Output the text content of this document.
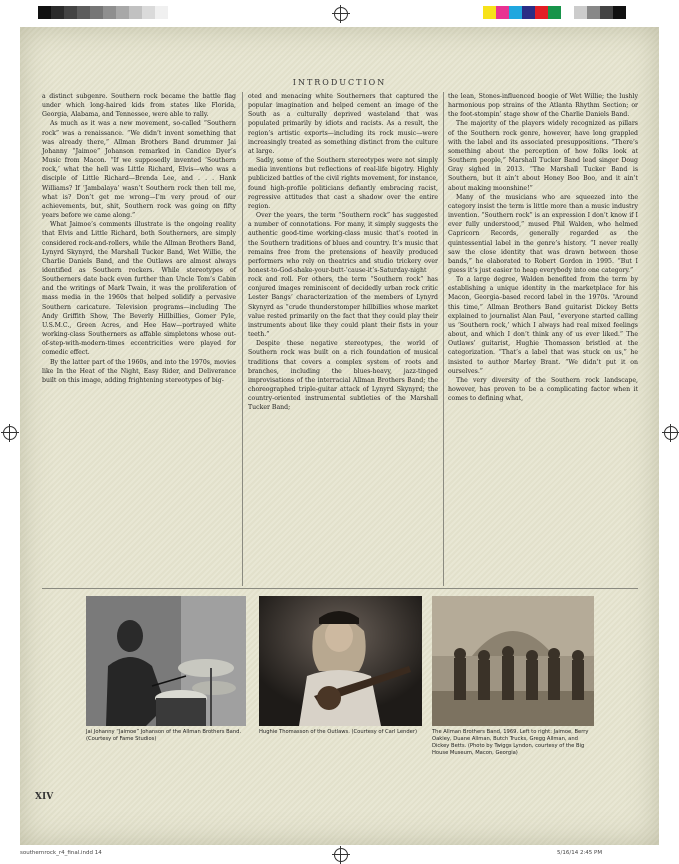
INTRODUCTION

a distinct subgenre. Southern rock became the battle flag under which long-haired kids from states like Florida, Georgia, Alabama, and Tennessee, were able to rally.

As much as it was a new movement, so-called “Southern rock” was a renaissance. “We didn’t invent something that was already there,” Allman Brothers Band drummer Jai Johanny “Jaimoe” Johanson remarked in Candice Dyer’s Music from Macon. “If we supposedly invented ‘Southern rock,’ what the hell was Little Richard, Elvis—who was a disciple of Little Richard—Brenda Lee, and . . . Hank Williams? If ‘Jambalaya’ wasn’t Southern rock then tell me, what is? Don’t get me wrong—I’m very proud of our achievements, but, shit, Southern rock was going on fifty years before we came along.”

What Jaimoe’s comments illustrate is the ongoing reality that Elvis and Little Richard, both Southerners, are simply considered rock-and-rollers, while the Allman Brothers Band, Lynyrd Skynyrd, the Marshall Tucker Band, Wet Willie, the Charlie Daniels Band, and the Outlaws are almost always identified as Southern rockers. While stereotypes of Southerners date back even further than Uncle Tom’s Cabin and the writings of Mark Twain, it was the proliferation of mass media in the 1960s that helped solidify a pervasive Southern caricature. Television programs—including The Andy Griffith Show, The Beverly Hillbillies, Gomer Pyle, U.S.M.C., Green Acres, and Hee Haw—portrayed white working-class Southerners as affable simpletons whose out-of-step-with-modern-times eccentricities were played for comedic effect.

By the latter part of the 1960s, and into the 1970s, movies like In the Heat of the Night, Easy Rider, and Deliverance built on this image, adding frightening stereotypes of big-

oted and menacing white Southerners that captured the popular imagination and helped cement an image of the South as a culturally deprived wasteland that was populated primarily by idiots and racists. As a result, the region’s artistic exports—including its rock music—were increasingly treated as something distinct from the culture at large.

Sadly, some of the Southern stereotypes were not simply media inventions but reflections of real-life bigotry. Highly publicized battles of the civil rights movement, for instance, found high-profile politicians defiantly embracing racist, regressive attitudes that cast a shadow over the entire region.

Over the years, the term “Southern rock” has suggested a number of connotations. For many, it simply suggests the authentic good-time working-class music that’s rooted in the Southern traditions of blues and country. It’s music that remains free from the pretensions of heavily produced performers who rely on theatrics and studio trickery over honest-to-God-shake-your-butt-’cause-it’s-Saturday-night rock and roll. For others, the term “Southern rock” has conjured images reminiscent of decidedly urban rock critic Lester Bangs’ characterization of the members of Lynyrd Skynyrd as “crude thunderstomper hillbillies whose market value rested primarily on the fact that they could play their instruments about like they could plant their fists in your teeth.”

Despite these negative stereotypes, the world of Southern rock was built on a rich foundation of musical traditions that covers a complex system of roots and branches, including the blues-heavy, jazz-tinged improvisations of the interracial Allman Brothers Band; the choreographed triple-guitar attack of Lynyrd Skynyrd; the country-oriented instrumental subtleties of the Marshall Tucker Band;

the lean, Stones-influenced boogie of Wet Willie; the lushly harmonious pop strains of the Atlanta Rhythm Section; or the foot-stompin’ stage show of the Charlie Daniels Band.

The majority of the players widely recognized as pillars of the Southern rock genre, however, have long grappled with the label and its associated presuppositions. “There’s something about the perception of how folks look at Southern people,” Marshall Tucker Band lead singer Doug Gray sighed in 2013. “The Marshall Tucker Band is Southern, but it ain’t about Honey Boo Boo, and it ain’t about making moonshine!”

Many of the musicians who are squeezed into the category insist the term is little more than a music industry invention. “Southern rock” is an expression I don’t know if I ever fully understood,” mused Phil Walden, who helmed Capricorn Records, generally regarded as the quintessential label in the genre’s history. “I never really saw the close identity that was drawn between those bands,” he elaborated to Robert Gordon in 1995. “But I guess it’s just easier to heap everybody into one category.”

To a large degree, Walden benefited from the term by establishing a unique identity in the marketplace for his Macon, Georgia–based record label in the 1970s. “Around this time,” Allman Brothers Band guitarist Dickey Betts explained to journalist Alan Paul, “everyone started calling us ‘Southern rock,’ which I always had real mixed feelings about, and which I don’t think any of us ever liked.” The Outlaws’ guitarist, Hughie Thomasson bristled at the categorization. “That’s a label that was stuck on us,” he insisted to author Marley Brant. “We didn’t put it on ourselves.”

The very diversity of the Southern rock landscape, however, has proven to be a complicating factor when it comes to defining what,

Jai Johanny “Jaimoe” Johanson of the Allman Brothers Band. (Courtesy of Fame Studios)
Hughie Thomasson of the Outlaws. (Courtesy of Carl Lender)	The Allman Brothers Band, 1969. Left to right: Jaimoe, Berry Oakley, Duane Allman, Butch Trucks, Gregg Allman, and Dickey Betts. (Photo by Twiggs Lyndon, courtesy of the Big House Museum, Macon, Georgia)
XIV
southernrock_r4_final.indd 14	5/16/14 2:45 PM
